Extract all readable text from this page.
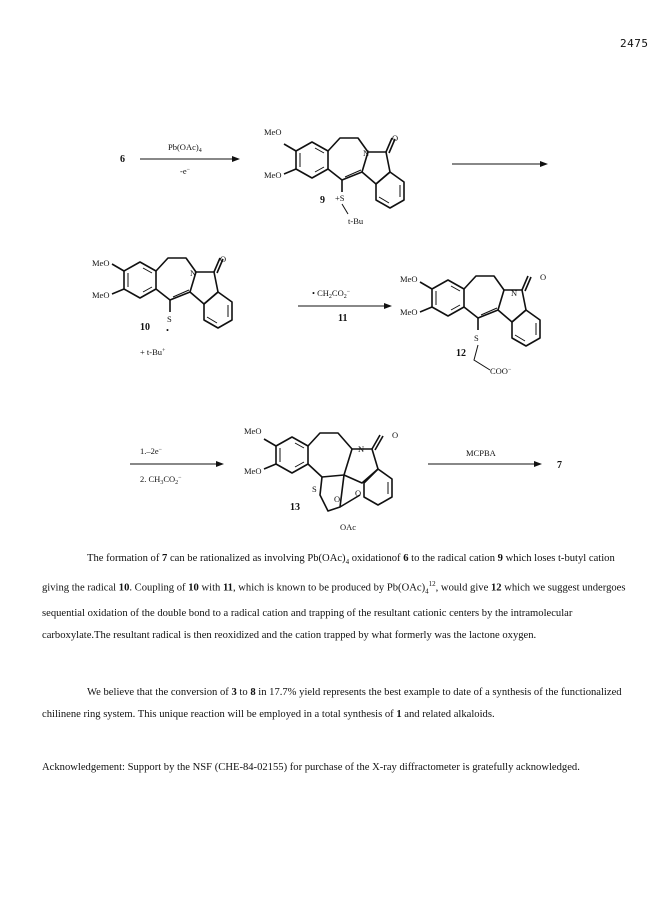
2475
6
$Pb(OAc)_4$
-e−
MeO
MeO
N
O
+S
t-Bu
9
MeO
MeO
N
O
S
10 •
+ t-Bu+
• $CH_2CO_2^-$
11
MeO
MeO
N
O
S
COO−
12
1.–2e−
2. $CH_3CO_2^-$
MeO
MeO
N
O
S
O
O
OAc
13
MCPBA
7
The formation of 7 can be rationalized as involving $Pb(OAc)_4$ oxidationof 6 to the radical cation 9 which loses t-butyl cation giving the radical 10. Coupling of 10 with 11, which is known to be produced by $Pb(OAc)_4^{12}$, would give 12 which we suggest undergoes sequential oxidation of the double bond to a radical cation and trapping of the resultant cationic centers by the intramolecular carboxylate.The resultant radical is then reoxidized and the cation trapped by what formerly was the lactone oxygen.
We believe that the conversion of 3 to 8 in 17.7% yield represents the best example to date of a synthesis of the functionalized chilinene ring system. This unique reaction will be employed in a total synthesis of 1 and related alkaloids.
Acknowledgement: Support by the NSF (CHE-84-02155) for purchase of the X-ray diffractometer is gratefully acknowledged.
